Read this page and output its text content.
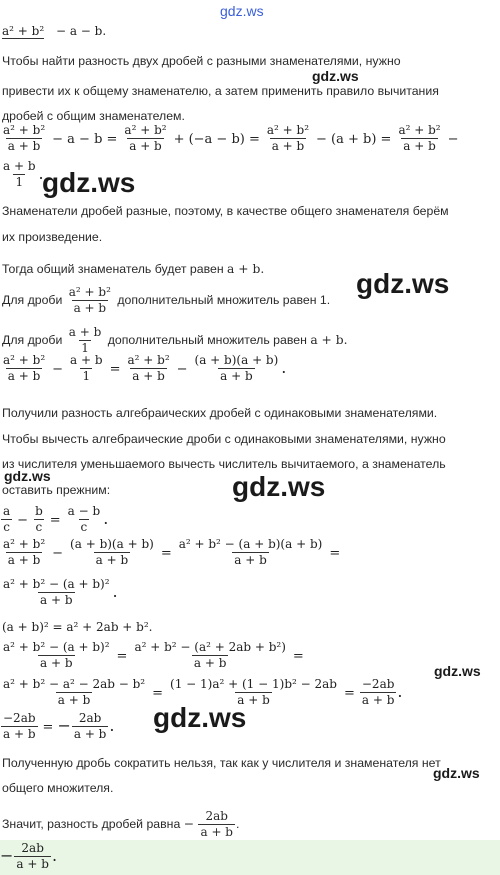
gdz.ws
gdz.ws
gdz.ws
gdz.ws
gdz.ws	gdz.ws
gdz.ws
gdz.ws
gdz.ws
a² + b² − a − b.
Чтобы найти разность двух дробей с разными знаменателями, нужно
привести их к общему знаменателю, а затем применить правило вычитания
дробей с общим знаменателем.
$\frac{\text{a² + b²}}{a + b} - a - b = \frac{\text{a² + b²}}{a + b} + (-a - b) = \frac{\text{a² + b²}}{a + b} - (a + b) = \frac{\text{a² + b²}}{a + b}$ −
$\frac{a + b}{1}$ .
Знаменатели дробей разные, поэтому, в качестве общего знаменателя берём
их произведение.
Тогда общий знаменатель будет равен a + b.
Для дроби $\frac{\text{a² + b²}}{a + b}$ дополнительный множитель равен 1.
Для дроби $\frac{a + b}{1}$ дополнительный множитель равен a + b.
$\frac{\text{a² + b²}}{a + b} - \frac{a + b}{1} = \frac{\text{a² + b²}}{a + b} - \frac{(a + b)(a + b)}{a + b}$ .
Получили разность алгебраических дробей с одинаковыми знаменателями.
Чтобы вычесть алгебраические дроби с одинаковыми знаменателями, нужно
из числителя уменьшаемого вычесть числитель вычитаемого, а знаменатель
оставить прежним:
$\frac{a}{c} - \frac{b}{c} = \frac{a - b}{c}$ .
$\frac{\text{a² + b²}}{a + b} - \frac{(a + b)(a + b)}{a + b} = \frac{\text{a² + b² − (a + b)(a + b)}}{a + b}$ =
$\frac{\text{a² + b² − (a + b)²}}{a + b}$ .
(a + b)² = a² + 2ab + b².
$\frac{\text{a² + b² − (a + b)²}}{a + b} = \frac{\text{a² + b² − (a² + 2ab + b²)}}{a + b}$ =
$\frac{\text{a² + b² − a² − 2ab − b²}}{a + b} = \frac{\text{(1 − 1)a² + (1 − 1)b² − 2ab}}{a + b} = \frac{-2ab}{a + b}$ .
$\frac{-2ab}{a + b}$ = − $\frac{2ab}{a + b}$ .
Полученную дробь сократить нельзя, так как у числителя и знаменателя нет
общего множителя.
Значит, разность дробей равна − $\frac{2ab}{a + b}$ .
− $\frac{2ab}{a + b}$ .
